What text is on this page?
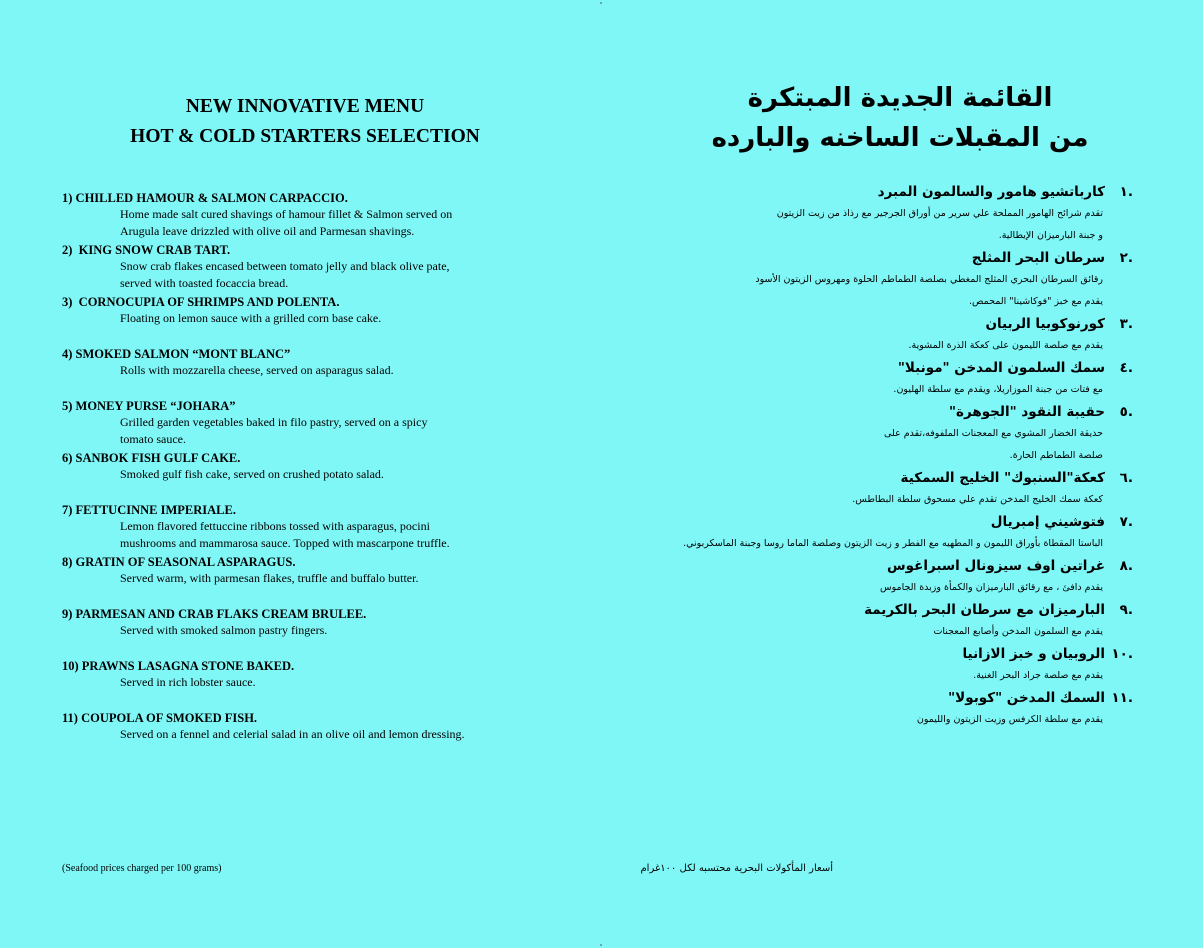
NEW INNOVATIVE MENU
HOT & COLD STARTERS SELECTION
1) CHILLED HAMOUR & SALMON CARPACCIO.
Home made salt cured shavings of hamour fillet & Salmon served on
Arugula leave drizzled with olive oil and Parmesan shavings.
2)  KING SNOW CRAB TART.
Snow crab flakes encased between tomato jelly and black olive pate,
served with toasted focaccia bread.
3)  CORNOCUPIA OF SHRIMPS AND POLENTA.
Floating on lemon sauce with a grilled corn base cake.
4) SMOKED SALMON “MONT BLANC”
Rolls with mozzarella cheese, served on asparagus salad.
5) MONEY PURSE “JOHARA”
Grilled garden vegetables baked in filo pastry, served on a spicy
tomato sauce.
6) SANBOK FISH GULF CAKE.
Smoked gulf fish cake, served on crushed potato salad.
7) FETTUCINNE IMPERIALE.
Lemon flavored fettuccine ribbons tossed with asparagus, pocini
mushrooms and mammarosa sauce. Topped with mascarpone truffle.
8) GRATIN OF SEASONAL ASPARAGUS.
Served warm, with parmesan flakes, truffle and buffalo butter.
9) PARMESAN AND CRAB FLAKS CREAM BRULEE.
Served with smoked salmon pastry fingers.
10) PRAWNS LASAGNA STONE BAKED.
Served in rich lobster sauce.
11) COUPOLA OF SMOKED FISH.
Served on a fennel and celerial salad in an olive oil and lemon dressing.
(Seafood prices charged per 100 grams)
القائمة الجديدة المبتكرة
من المقبلات الساخنه والبارده
.١كارباتشيو هامور والسالمون المبرد
تقدم شرائح الهامور المملحة علي سرير من أوراق الجرجير مع رذاذ من زيت الزيتون
و جبنة البارميزان الإيطالية.
.٢سرطان البحر المثلج
رقائق السرطان البحري المثلج المغطي بصلصة الطماطم الحلوة ومهروس الزيتون الأسود
يقدم مع خبز "فوكاشينا" المحمص.
.٣كورنوكوبيا الربيان
يقدم مع صلصة الليمون على كعكة الذرة المشوية.
.٤سمك السلمون المدخن "مونبلا"
مع فتات من جبنة الموزاريلا، ويقدم مع سلطة الهليون.
.٥حقيبة النقود "الجوهرة"
حديقة الخضار المشوي مع المعجنات الملفوفه،تقدم على
صلصة الطماطم الحارة.
.٦كعكة"السنبوك" الخليج السمكية
كعكة سمك الخليج المدخن تقدم علي مسحوق سلطة البطاطس.
.٧فتوشيني إمبريال
الباستا المقطاة بأوراق الليمون و المطهيه مع الفطر و زيت الزيتون وصلصة الماما روسا وجبنة الماسكربوني.
.٨غراتين اوف سيزونال اسبراغوس
يقدم دافئ ، مع رقائق البارميزان والكمأة وزبدة الجاموس
.٩البارميزان مع سرطان البحر بالكريمة
يقدم مع السلمون المدخن وأصابع المعجنات
.١٠الروبيان و خبز الازانيا
يقدم مع صلصة جراد البحر الغنية.
.١١السمك المدخن "كوبولا"
يقدم مع سلطة الكرفس وزيت الزيتون والليمون
أسعار المأكولات البحرية محتسبه لكل ١٠٠غرام
